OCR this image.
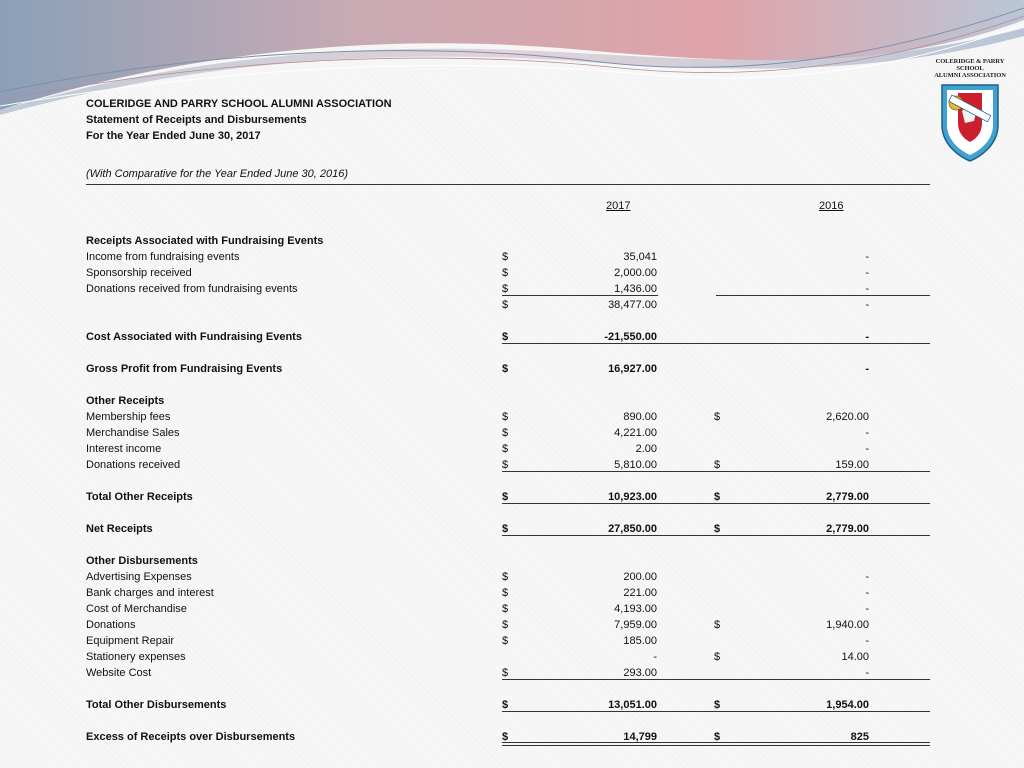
COLERIDGE & PARRY SCHOOL
ALUMNI ASSOCIATION
COLERIDGE AND PARRY SCHOOL ALUMNI ASSOCIATION
Statement of Receipts and Disbursements
For the Year Ended June 30, 2017
(With Comparative for the Year Ended June 30, 2016)
2017	2016
Receipts Associated with Fundraising Events
Income from fundraising events	$	35,041	-
Sponsorship received	$	2,000.00	-
Donations received from fundraising events	$	1,436.00	-
$	38,477.00	-
Cost Associated with Fundraising Events	$	-21,550.00	-
Gross Profit from Fundraising Events	$	16,927.00	-
Other Receipts
Membership fees	$	890.00	$	2,620.00
Merchandise Sales	$	4,221.00	-
Interest income	$	2.00	-
Donations received	$	5,810.00	$	159.00
Total Other Receipts	$	10,923.00	$	2,779.00
Net Receipts	$	27,850.00	$	2,779.00
Other Disbursements
Advertising Expenses	$	200.00	-
Bank charges and interest	$	221.00	-
Cost of Merchandise	$	4,193.00	-
Donations	$	7,959.00	$	1,940.00
Equipment Repair	$	185.00	-
Stationery expenses	-	$	14.00
Website Cost	$	293.00	-
Total Other Disbursements	$	13,051.00	$	1,954.00
Excess of Receipts over Disbursements	$	14,799	$	825
